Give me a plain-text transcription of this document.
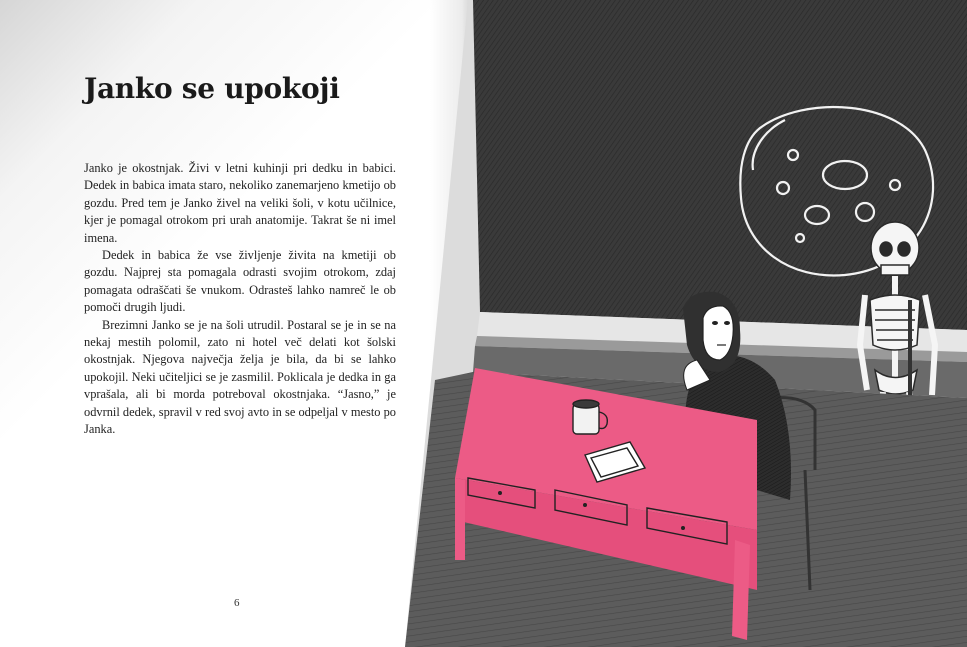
Janko se upokoji

Janko je okostnjak. Živi v letni kuhinji pri dedku in babici. Dedek in babica imata staro, nekoliko zanemarjeno kmetijo ob gozdu. Pred tem je Janko živel na veliki šoli, v kotu učilnice, kjer je pomagal otrokom pri urah anatomije. Takrat še ni imel imena.

Dedek in babica že vse življenje živita na kmetiji ob gozdu. Najprej sta pomagala odrasti svojim otrokom, zdaj pomagata odraščati še vnukom. Odrasteš lahko namreč le ob pomoči drugih ljudi.

Brezimni Janko se je na šoli utrudil. Postaral se je in se na nekaj mestih polomil, zato ni hotel več delati kot šolski okostnjak. Njegova največja želja je bila, da bi se lahko upokojil. Neki učiteljici se je zasmilil. Poklicala je dedka in ga vprašala, ali bi morda potreboval okostnjaka. “Jasno,” je odvrnil dedek, spravil v red svoj avto in se odpeljal v mesto po Janka.

6
